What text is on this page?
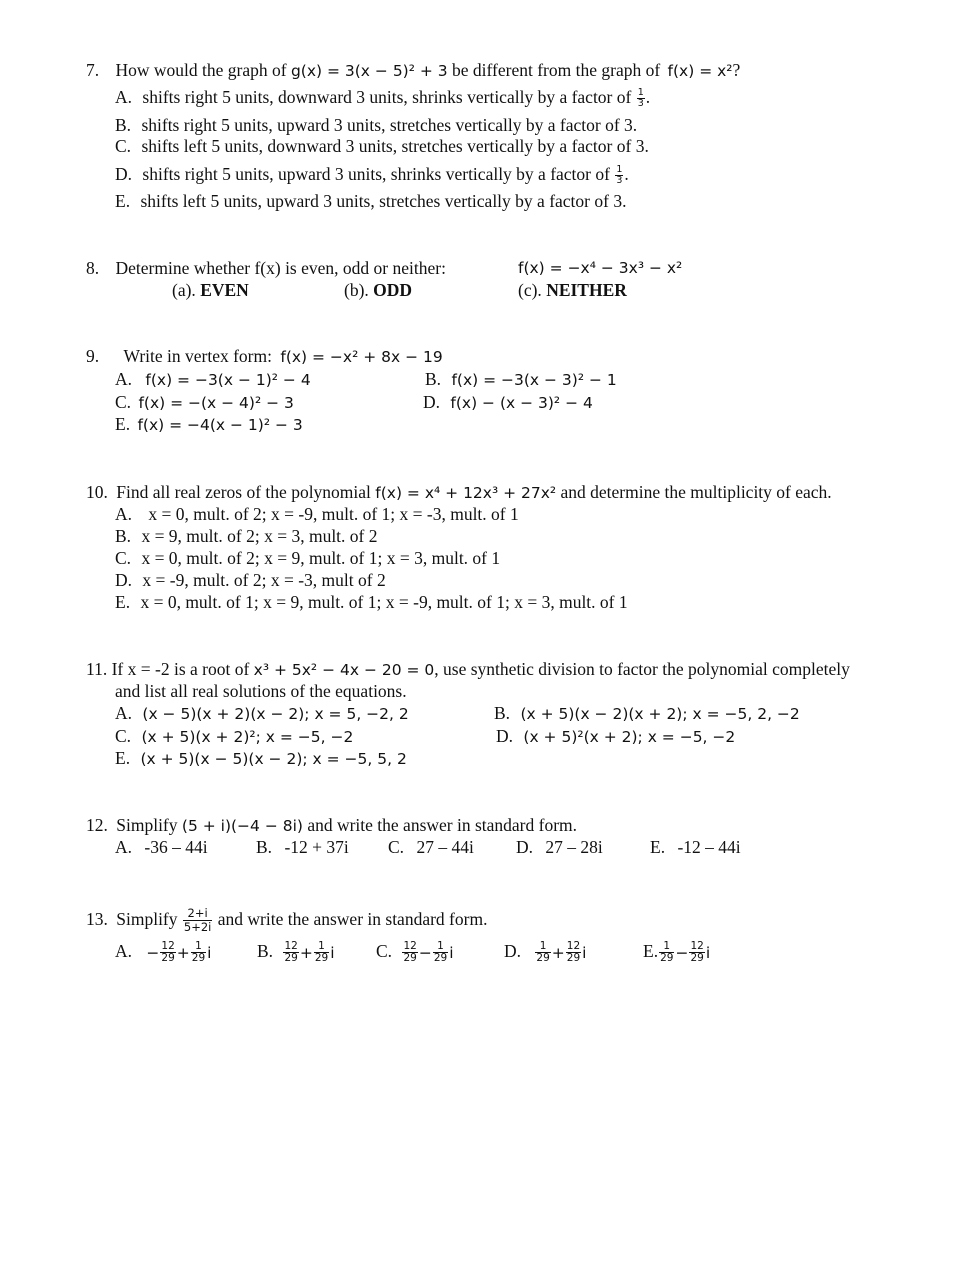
7. How would the graph of g(x) = 3(x − 5)² + 3 be different from the graph of f(x) = x²?
A. shifts right 5 units, downward 3 units, shrinks vertically by a factor of $\frac{1}{3}$ .
B. shifts right 5 units, upward 3 units, stretches vertically by a factor of 3.
C. shifts left 5 units, downward 3 units, stretches vertically by a factor of 3.
D. shifts right 5 units, upward 3 units, shrinks vertically by a factor of $\frac{1}{3}$ .
E. shifts left 5 units, upward 3 units, stretches vertically by a factor of 3.
8. Determine whether f(x) is even, odd or neither:	f(x) = −x⁴ − 3x³ − x²
(a). EVEN	(b). ODD	(c). NEITHER
9. Write in vertex form: f(x) = −x² + 8x − 19
A. f(x) = −3(x − 1)² − 4	B. f(x) = −3(x − 3)² − 1
C. f(x) = −(x − 4)² − 3	D. f(x) − (x − 3)² − 4
E. f(x) = −4(x − 1)² − 3
10. Find all real zeros of the polynomial f(x) = x⁴ + 12x³ + 27x² and determine the multiplicity of each.
A. x = 0, mult. of 2; x = -9, mult. of 1; x = -3, mult. of 1
B. x = 9, mult. of 2; x = 3, mult. of 2
C. x = 0, mult. of 2; x = 9, mult. of 1; x = 3, mult. of 1
D. x = -9, mult. of 2; x = -3, mult of 2
E. x = 0, mult. of 1; x = 9, mult. of 1; x = -9, mult. of 1; x = 3, mult. of 1
11. If x = -2 is a root of x³ + 5x² − 4x − 20 = 0, use synthetic division to factor the polynomial completely
and list all real solutions of the equations.
A. (x − 5)(x + 2)(x − 2); x = 5, −2, 2	B. (x + 5)(x − 2)(x + 2); x = −5, 2, −2
C. (x + 5)(x + 2)²; x = −5, −2	D. (x + 5)²(x + 2); x = −5, −2
E. (x + 5)(x − 5)(x − 2); x = −5, 5, 2
12. Simplify (5 + i)(−4 − 8i) and write the answer in standard form.
A. -36 – 44i	B. -12 + 37i C. 27 – 44i D. 27 – 28i	E. -12 – 44i
13. Simplify $\frac{2+i}{5+2i}$ and write the answer in standard form.
A. − $\frac{12}{29} + \frac{1}{29}$ i	B. $\frac{12}{29} + \frac{1}{29}$ i C. $\frac{12}{29} - \frac{1}{29}$ i	D. $\frac{1}{29} + \frac{12}{29}$ i	E. $\frac{1}{29} - \frac{12}{29}$ i
